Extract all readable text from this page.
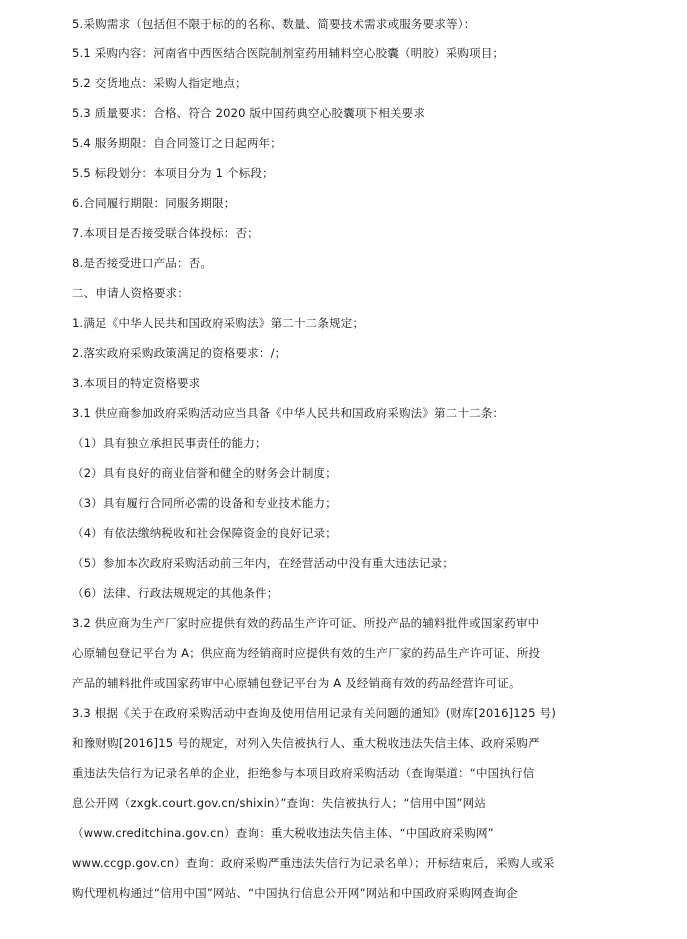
5.采购需求（包括但不限于标的的名称、数量、简要技术需求或服务要求等）：
5.1 采购内容：河南省中西医结合医院制剂室药用辅料空心胶囊（明胶）采购项目；
5.2 交货地点：采购人指定地点；
5.3 质量要求：合格、符合 2020 版中国药典空心胶囊项下相关要求
5.4 服务期限：自合同签订之日起两年；
5.5 标段划分：本项目分为 1 个标段；
6.合同履行期限：同服务期限；
7.本项目是否接受联合体投标：否；
8.是否接受进口产品：否。
二、申请人资格要求：
1.满足《中华人民共和国政府采购法》第二十二条规定；
2.落实政府采购政策满足的资格要求：/；
3.本项目的特定资格要求
3.1 供应商参加政府采购活动应当具备《中华人民共和国政府采购法》第二十二条：
（1）具有独立承担民事责任的能力；
（2）具有良好的商业信誉和健全的财务会计制度；
（3）具有履行合同所必需的设备和专业技术能力；
（4）有依法缴纳税收和社会保障资金的良好记录；
（5）参加本次政府采购活动前三年内，在经营活动中没有重大违法记录；
（6）法律、行政法规规定的其他条件；
3.2 供应商为生产厂家时应提供有效的药品生产许可证、所投产品的辅料批件或国家药审中
心原辅包登记平台为 A；供应商为经销商时应提供有效的生产厂家的药品生产许可证、所投
产品的辅料批件或国家药审中心原辅包登记平台为 A 及经销商有效的药品经营许可证。
3.3 根据《关于在政府采购活动中查询及使用信用记录有关问题的通知》(财库[2016]125 号)
和豫财购[2016]15 号的规定，对列入失信被执行人、重大税收违法失信主体、政府采购严
重违法失信行为记录名单的企业，拒绝参与本项目政府采购活动（查询渠道：“中国执行信
息公开网（zxgk.court.gov.cn/shixin）”查询：失信被执行人；“信用中国”网站
（www.creditchina.gov.cn）查询：重大税收违法失信主体、“中国政府采购网”
www.ccgp.gov.cn）查询：政府采购严重违法失信行为记录名单）；开标结束后，采购人或采
购代理机构通过“信用中国”网站、“中国执行信息公开网”网站和中国政府采购网查询企
